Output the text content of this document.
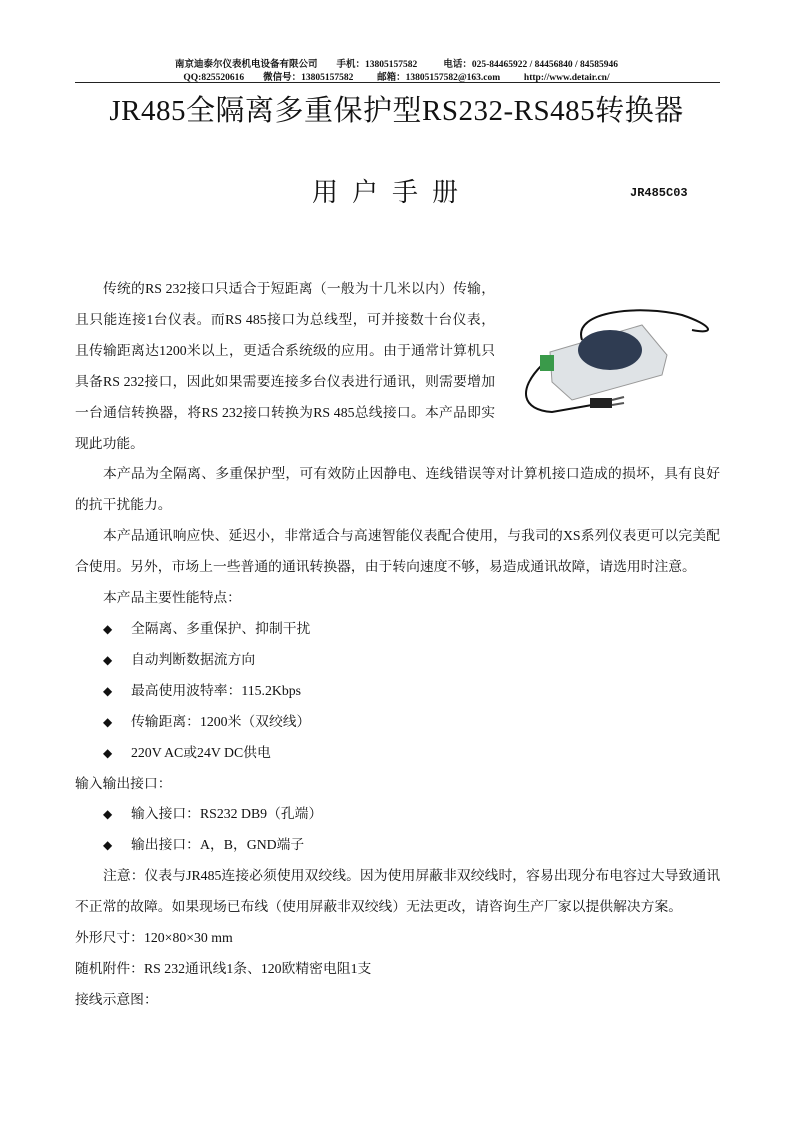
南京迪泰尔仪表机电设备有限公司        手机：13805157582           电话：025-84465922 / 84456840 / 84585946
QQ:825520616        微信号：13805157582          邮箱：13805157582@163.com          http://www.detair.cn/
JR485全隔离多重保护型RS232-RS485转换器
用户手册	JR485C03

传统的RS 232接口只适合于短距离（一般为十几米以内）传输，且只能连接1台仪表。而RS 485接口为总线型，可并接数十台仪表，且传输距离达1200米以上，更适合系统级的应用。由于通常计算机只具备RS 232接口，因此如果需要连接多台仪表进行通讯，则需要增加一台通信转换器，将RS 232接口转换为RS 485总线接口。本产品即实现此功能。

本产品为全隔离、多重保护型，可有效防止因静电、连线错误等对计算机接口造成的损坏，具有良好的抗干扰能力。

本产品通讯响应快、延迟小，非常适合与高速智能仪表配合使用，与我司的XS系列仪表更可以完美配合使用。另外，市场上一些普通的通讯转换器，由于转向速度不够，易造成通讯故障，请选用时注意。

本产品主要性能特点：

◆ 全隔离、多重保护、抑制干扰

◆ 自动判断数据流方向

◆ 最高使用波特率：115.2Kbps

◆ 传输距离：1200米（双绞线）

◆ 220V AC或24V DC供电

输入输出接口：

◆ 输入接口：RS232 DB9（孔端）

◆ 输出接口：A，B，GND端子

注意：仪表与JR485连接必须使用双绞线。因为使用屏蔽非双绞线时，容易出现分布电容过大导致通讯不正常的故障。如果现场已布线（使用屏蔽非双绞线）无法更改，请咨询生产厂家以提供解决方案。

外形尺寸：120×80×30 mm

随机附件：RS 232通讯线1条、120欧精密电阻1支

接线示意图：
